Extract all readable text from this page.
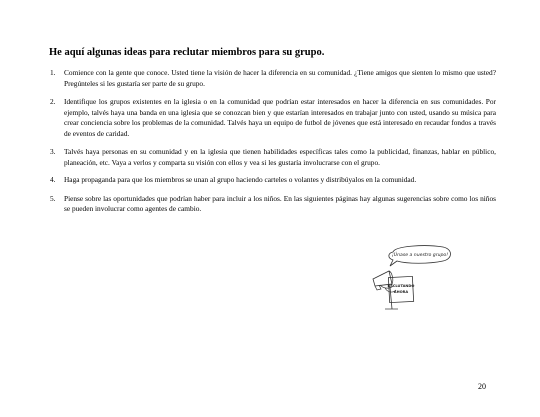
He aquí algunas ideas para reclutar miembros para su grupo.
1.	Comience con la gente que conoce. Usted tiene la visión de hacer la diferencia en su comunidad. ¿Tiene amigos que sienten lo mismo que usted? Pregúnteles si les gustaría ser parte de su grupo.
2.	Identifique los grupos existentes en la iglesia o en la comunidad que podrían estar interesados en hacer la diferencia en sus comunidades. Por ejemplo, talvés haya una banda en una iglesia que se conozcan bien y que estarían interesados en trabajar junto con usted, usando su música para crear conciencia sobre los problemas de la comunidad. Talvés haya un equipo de futbol de jóvenes que está interesado en recaudar fondos a través de eventos de caridad.
3.	Talvés haya personas en su comunidad y en la iglesia que tienen habilidades específicas tales como la publicidad, finanzas, hablar en público, planeación, etc. Vaya a verlos y comparta su visión con ellos y vea si les gustaría involucrarse con el grupo.
4.	Haga propaganda para que los miembros se unan al grupo haciendo carteles o volantes y distribúyalos en la comunidad.
5.	Piense sobre las oportunidades que podrían haber para incluir a los niños. En las siguientes páginas hay algunas sugerencias sobre como los niños se pueden involucrar como agentes de cambio.
¡Únase a nuestro grupo!
RECLUTANDO
AHORA
20
